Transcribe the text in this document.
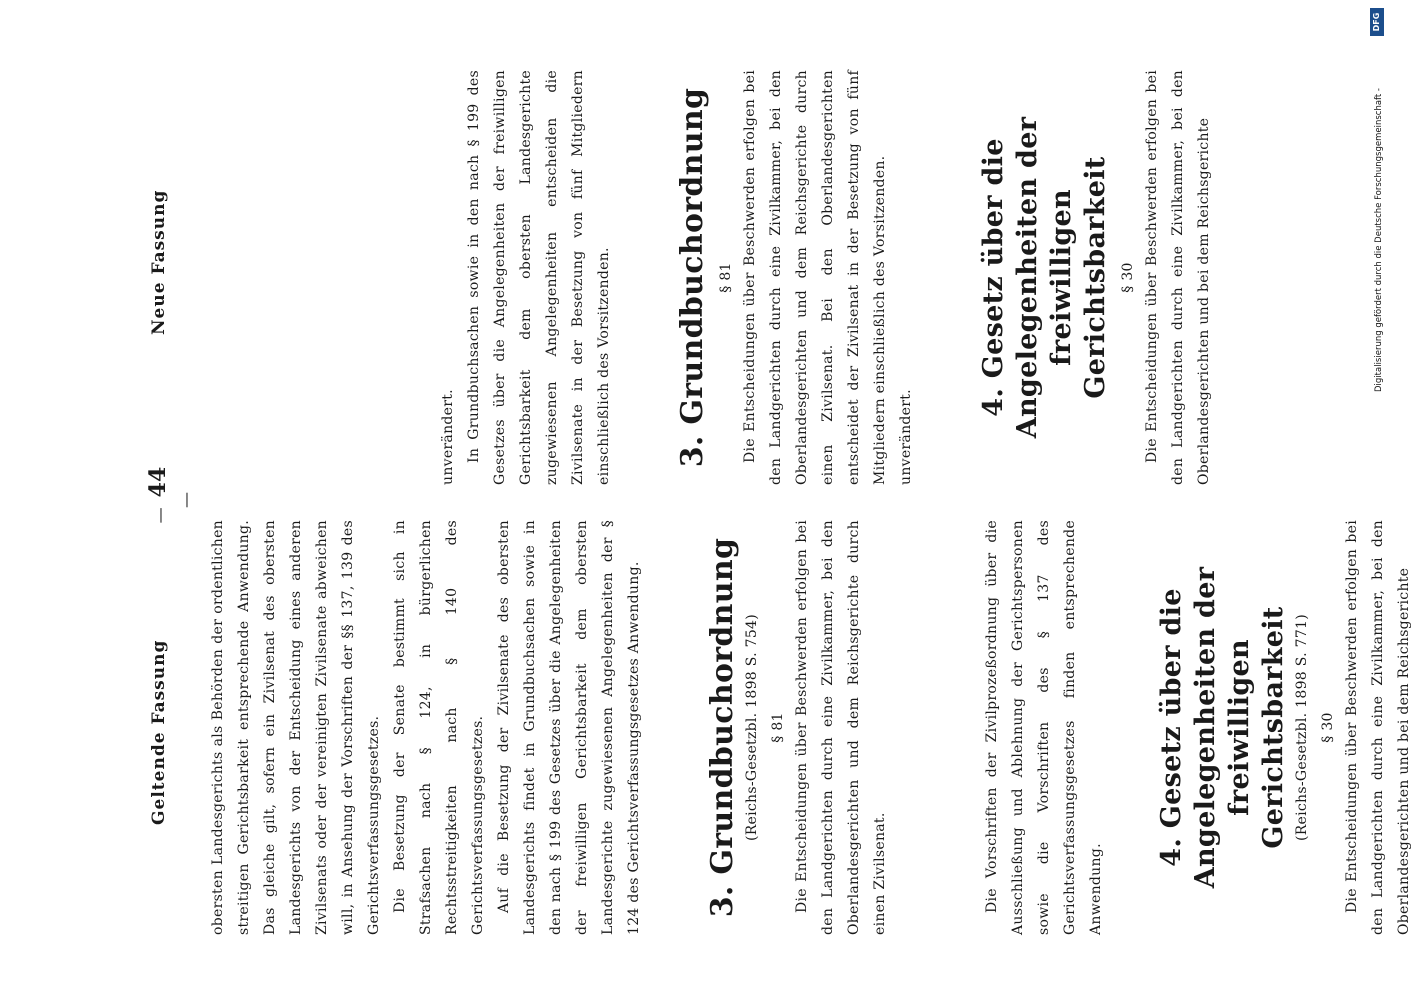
Geltende Fassung
— 44 —
Neue Fassung

obersten Landesgerichts als Behörden der ordentlichen streitigen Gerichtsbarkeit entsprechende Anwendung. Das gleiche gilt, sofern ein Zivilsenat des obersten Landesgerichts von der Entscheidung eines anderen Zivilsenats oder der vereinigten Zivilsenate abweichen will, in Ansehung der Vorschriften der §§ 137, 139 des Gerichtsverfassungsgesetzes. Die Besetzung der Senate bestimmt sich in Strafsachen nach § 124, in bürgerlichen Rechtsstreitigkeiten nach § 140 des Gerichtsverfassungsgesetzes. Auf die Besetzung der Zivilsenate des obersten Landesgerichts findet in Grundbuchsachen sowie in den nach § 199 des Gesetzes über die Angelegenheiten der freiwilligen Gerichtsbarkeit dem obersten Landesgerichte zugewiesenen Angelegenheiten der § 124 des Gerichtsverfassungsgesetzes Anwendung. 3. Grundbuchordnung (Reichs-Gesetzbl. 1898 S. 754) § 81 Die Entscheidungen über Beschwerden erfolgen bei den Landgerichten durch eine Zivilkammer, bei den Oberlandesgerichten und dem Reichsgerichte durch einen Zivilsenat.	Die Vorschriften der Zivilprozeßordnung über die Ausschließung und Ablehnung der Gerichtspersonen sowie die Vorschriften des § 137 des Gerichtsverfassungsgesetzes finden entsprechende Anwendung.

4. Gesetz über die Angelegenheiten der freiwilligen Gerichtsbarkeit (Reichs-Gesetzbl. 1898 S. 771) § 30 Die Entscheidungen über Beschwerden erfolgen bei den Landgerichten durch eine Zivilkammer, bei den Oberlandesgerichten und bei dem Reichsgerichte

unverändert. In Grundbuchsachen sowie in den nach § 199 des Gesetzes über die Angelegenheiten der freiwilligen Gerichtsbarkeit dem obersten Landesgerichte zugewiesenen Angelegenheiten entscheiden die Zivilsenate in der Besetzung von fünf Mitgliedern einschließlich des Vorsitzenden. 3. Grundbuchordnung § 81 Die Entscheidungen über Beschwerden erfolgen bei den Landgerichten durch eine Zivilkammer, bei den Oberlandesgerichten und dem Reichsgerichte durch einen Zivilsenat. Bei den Oberlandesgerichten entscheidet der Zivilsenat in der Besetzung von fünf Mitgliedern einschließlich des Vorsitzenden. unverändert.

4. Gesetz über die Angelegenheiten der freiwilligen Gerichtsbarkeit § 30 Die Entscheidungen über Beschwerden erfolgen bei den Landgerichten durch eine Zivilkammer, bei den Oberlandesgerichten und bei dem Reichsgerichte

DFG
Digitalisierung gefördert durch die Deutsche Forschungsgemeinschaft -
